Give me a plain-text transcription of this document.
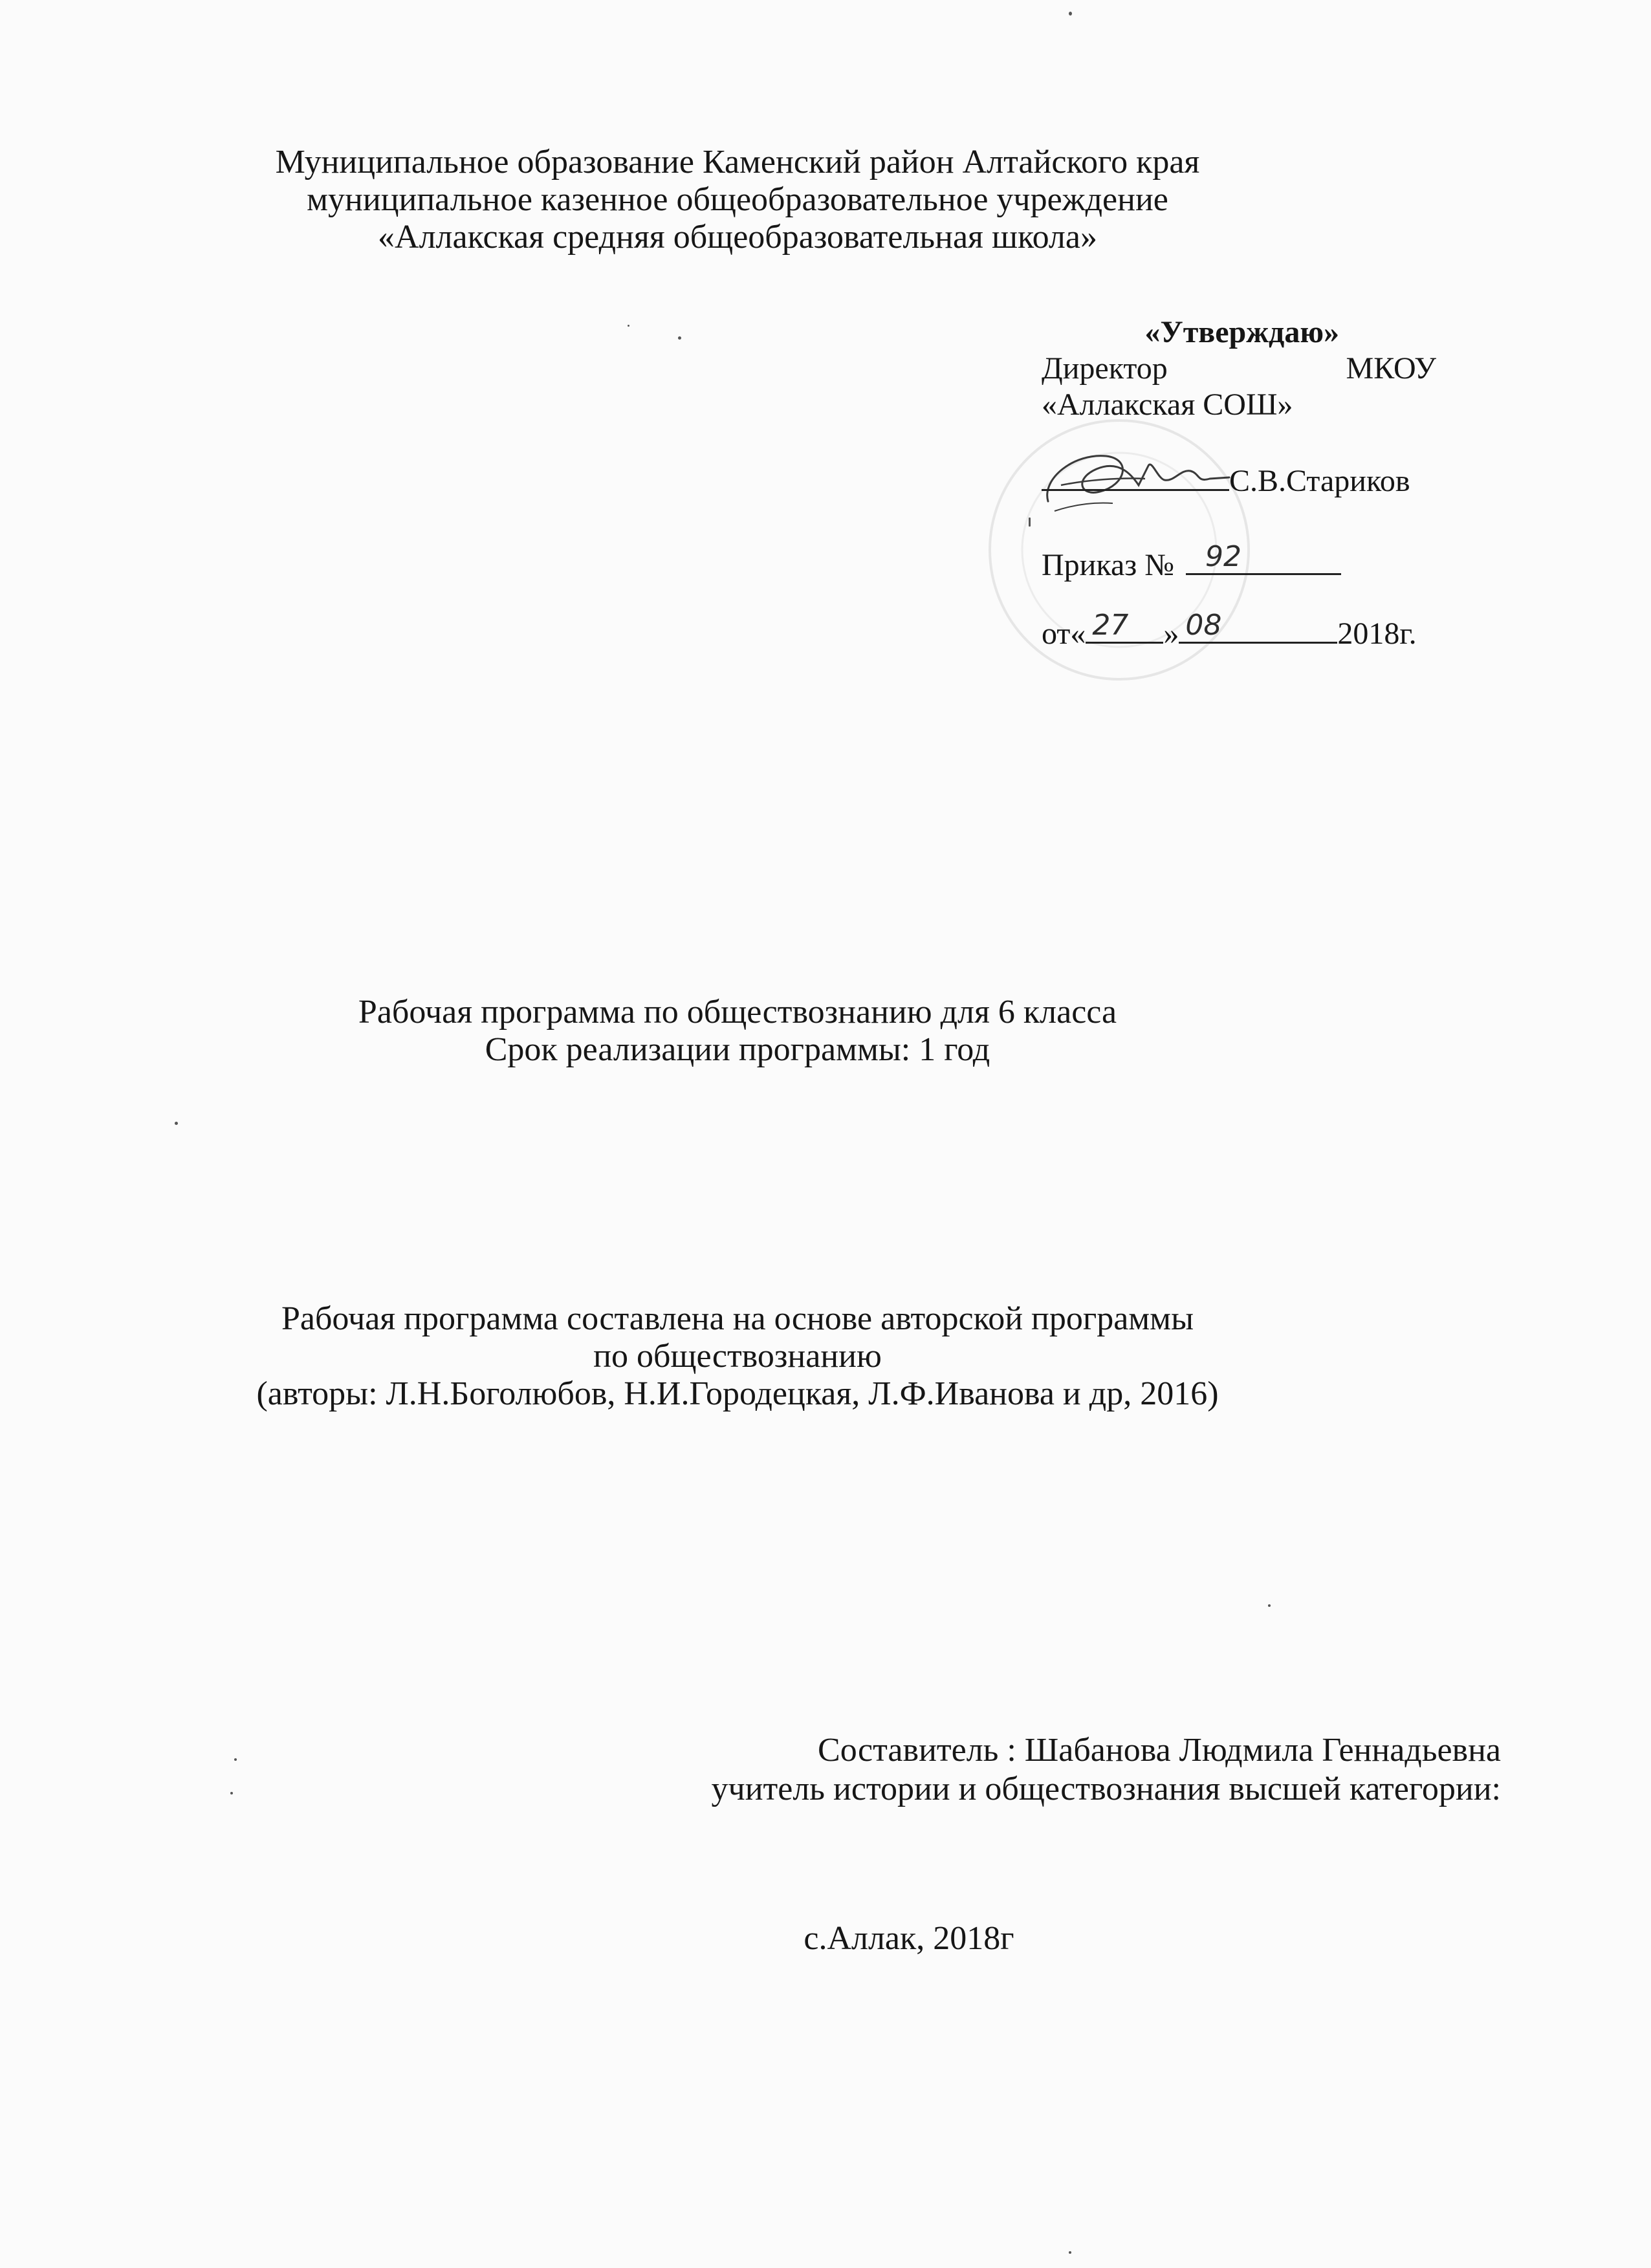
Муниципальное образование Каменский район Алтайского края
муниципальное казенное общеобразовательное учреждение
«Аллакская средняя общеобразовательная школа»
«Утверждаю»
Директор	МКОУ
«Аллакская СОШ»
С.В.Стариков
Приказ № 92
от« 27 » 08	2018г.
Рабочая программа по обществознанию для 6 класса
Срок реализации программы: 1 год
Рабочая программа составлена на основе авторской программы
по обществознанию
(авторы: Л.Н.Боголюбов, Н.И.Городецкая, Л.Ф.Иванова и др, 2016)
Составитель : Шабанова Людмила Геннадьевна
учитель истории и обществознания высшей категории:
с.Аллак, 2018г
